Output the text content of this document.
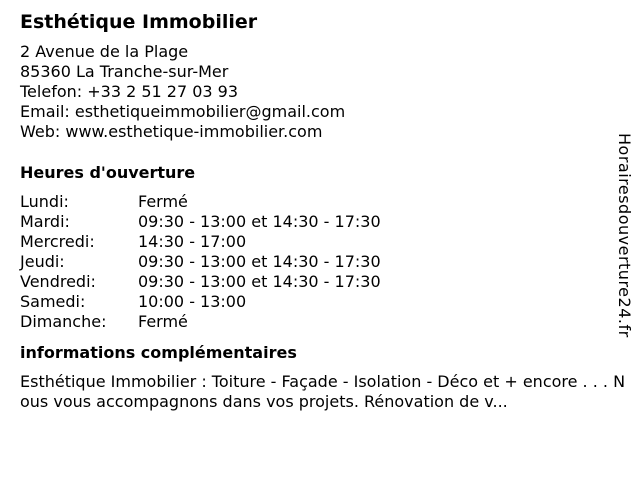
Esthétique Immobilier
2 Avenue de la Plage
85360 La Tranche-sur-Mer
Telefon: +33 2 51 27 03 93
Email: esthetiqueimmobilier@gmail.com
Web: www.esthetique-immobilier.com
Heures d'ouverture
Lundi:	Fermé
Mardi:	09:30 - 13:00 et 14:30 - 17:30
Mercredi:	14:30 - 17:00
Jeudi:	09:30 - 13:00 et 14:30 - 17:30
Vendredi:	09:30 - 13:00 et 14:30 - 17:30
Samedi:	10:00 - 13:00
Dimanche:	Fermé
informations complémentaires
Esthétique Immobilier : Toiture - Façade - Isolation - Déco et + encore . . . Nous vous accompagnons dans vos projets. Rénovation de v...
Horairesdouverture24.fr
